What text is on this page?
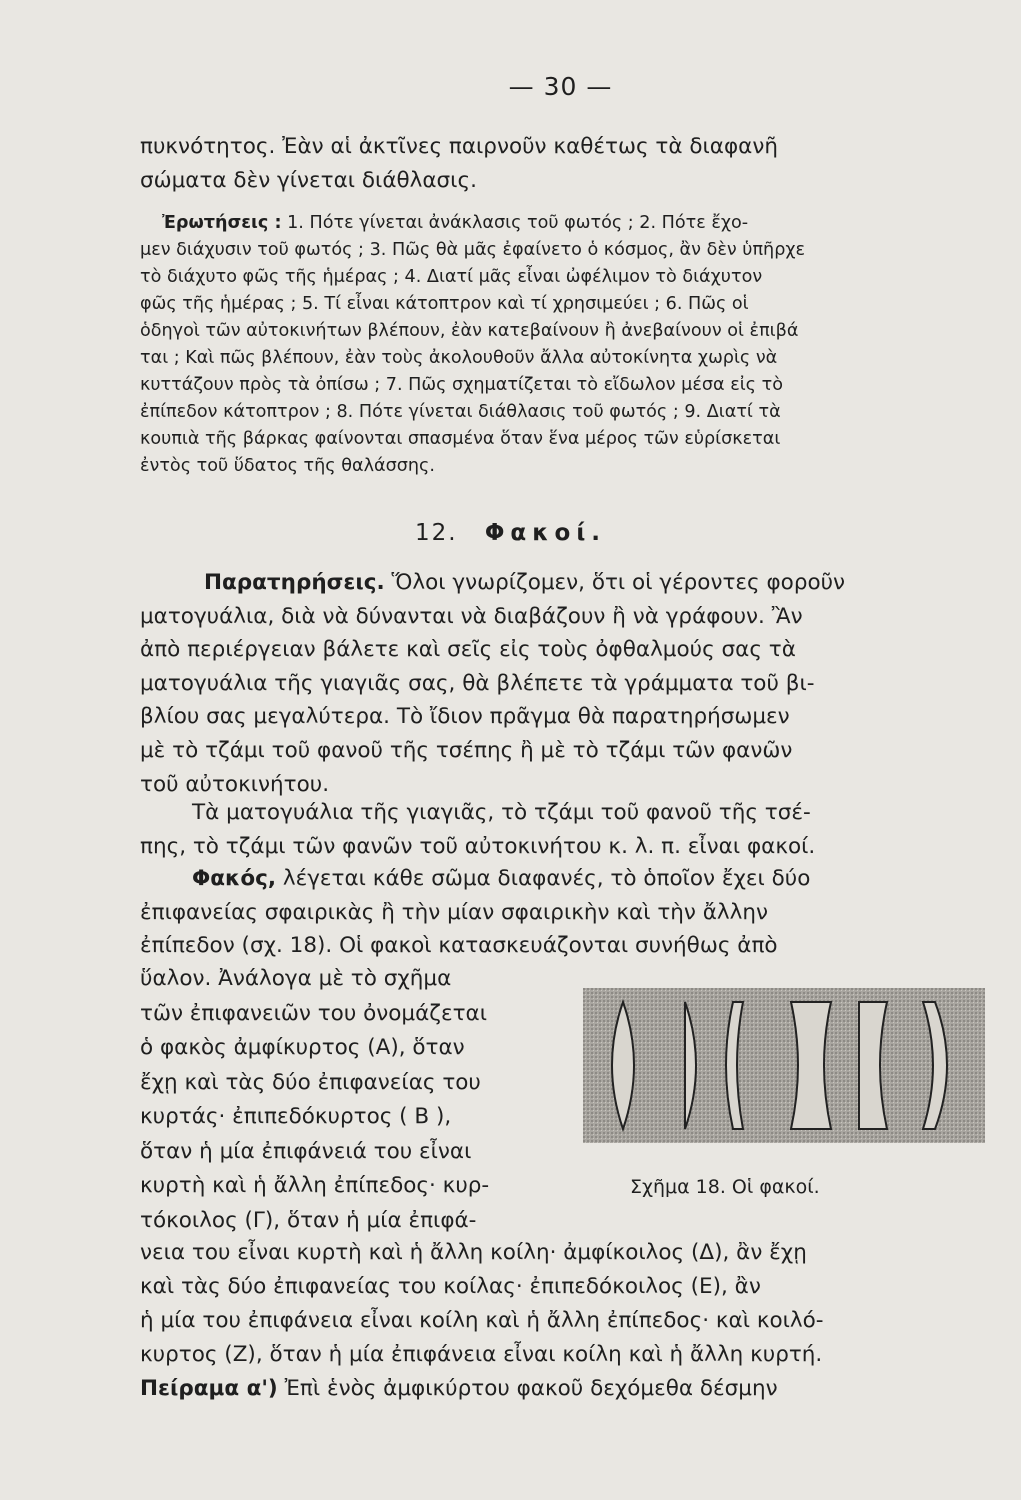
— 30 —
πυκνότητος. Ἐὰν αἱ ἀκτῖνες παιρνοῦν καθέτως τὰ διαφανῆ
σώματα δὲν γίνεται διάθλασις.
Ἐρωτήσεις : 1. Πότε γίνεται ἀνάκλασις τοῦ φωτός ; 2. Πότε ἔχο-
μεν διάχυσιν τοῦ φωτός ; 3. Πῶς θὰ μᾶς ἐφαίνετο ὁ κόσμος, ἂν δὲν ὑπῆρχε
τὸ διάχυτο φῶς τῆς ἡμέρας ; 4. Διατί μᾶς εἶναι ὠφέλιμον τὸ διάχυτον
φῶς τῆς ἡμέρας ; 5. Τί εἶναι κάτοπτρον καὶ τί χρησιμεύει ; 6. Πῶς οἱ
ὁδηγοὶ τῶν αὐτοκινήτων βλέπουν, ἐὰν κατεβαίνουν ἢ ἀνεβαίνουν οἱ ἐπιβά
ται ; Καὶ πῶς βλέπουν, ἐὰν τοὺς ἀκολουθοῦν ἄλλα αὐτοκίνητα χωρὶς νὰ
κυττάζουν πρὸς τὰ ὀπίσω ; 7. Πῶς σχηματίζεται τὸ εἴδωλον μέσα εἰς τὸ
ἐπίπεδον κάτοπτρον ; 8. Πότε γίνεται διάθλασις τοῦ φωτός ; 9. Διατί τὰ
κουπιὰ τῆς βάρκας φαίνονται σπασμένα ὅταν ἕνα μέρος τῶν εὑρίσκεται
ἐντὸς τοῦ ὕδατος τῆς θαλάσσης.
12. Φακοί.
Παρατηρήσεις. Ὅλοι γνωρίζομεν, ὅτι οἱ γέροντες φοροῦν
ματογυάλια, διὰ νὰ δύνανται νὰ διαβάζουν ἢ νὰ γράφουν. Ἂν
ἀπὸ περιέργειαν βάλετε καὶ σεῖς εἰς τοὺς ὀφθαλμούς σας τὰ
ματογυάλια τῆς γιαγιᾶς σας, θὰ βλέπετε τὰ γράμματα τοῦ βι-
βλίου σας μεγαλύτερα. Τὸ ἴδιον πρᾶγμα θὰ παρατηρήσωμεν
μὲ τὸ τζάμι τοῦ φανοῦ τῆς τσέπης ἢ μὲ τὸ τζάμι τῶν φανῶν
τοῦ αὐτοκινήτου.
Τὰ ματογυάλια τῆς γιαγιᾶς, τὸ τζάμι τοῦ φανοῦ τῆς τσέ-
πης, τὸ τζάμι τῶν φανῶν τοῦ αὐτοκινήτου κ. λ. π. εἶναι φακοί.
Φακός, λέγεται κάθε σῶμα διαφανές, τὸ ὁποῖον ἔχει δύο
ἐπιφανείας σφαιρικὰς ἢ τὴν μίαν σφαιρικὴν καὶ τὴν ἄλλην
ἐπίπεδον (σχ. 18). Οἱ φακοὶ κατασκευάζονται συνήθως ἀπὸ
ὕαλον. Ἀνάλογα μὲ τὸ σχῆμα
τῶν ἐπιφανειῶν του ὀνομάζεται
ὁ φακὸς ἀμφίκυρτος (Α), ὅταν
ἔχῃ καὶ τὰς δύο ἐπιφανείας του
κυρτάς· ἐπιπεδόκυρτος ( Β ),
ὅταν ἡ μία ἐπιφάνειά του εἶναι
κυρτὴ καὶ ἡ ἄλλη ἐπίπεδος· κυρ-
τόκοιλος (Γ), ὅταν ἡ μία ἐπιφά-
Σχῆμα 18. Οἱ φακοί.
νεια του εἶναι κυρτὴ καὶ ἡ ἄλλη κοίλη· ἀμφίκοιλος (Δ), ἂν ἔχῃ
καὶ τὰς δύο ἐπιφανείας του κοίλας· ἐπιπεδόκοιλος (Ε), ἂν
ἡ μία του ἐπιφάνεια εἶναι κοίλη καὶ ἡ ἄλλη ἐπίπεδος· καὶ κοιλό-
κυρτος (Ζ), ὅταν ἡ μία ἐπιφάνεια εἶναι κοίλη καὶ ἡ ἄλλη κυρτή.
Πείραμα α') Ἐπὶ ἑνὸς ἀμφικύρτου φακοῦ δεχόμεθα δέσμην
